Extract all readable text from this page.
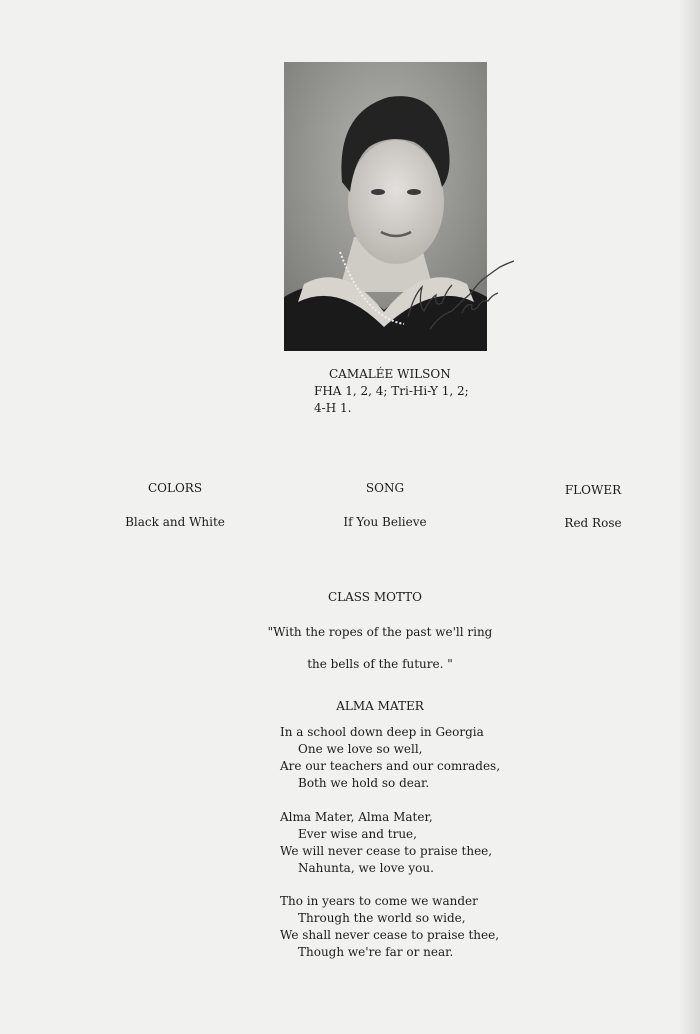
CAMALÉE WILSON
FHA 1, 2, 4; Tri-Hi-Y 1, 2;
4-H 1.
COLORS
Black and White
SONG
If You Believe
FLOWER
Red Rose
CLASS MOTTO
"With the ropes of the past we'll ring
the bells of the future. "
ALMA MATER
In a school down deep in Georgia
One we love so well,
Are our teachers and our comrades,
Both we hold so dear.
Alma Mater, Alma Mater,
Ever wise and true,
We will never cease to praise thee,
Nahunta, we love you.
Tho in years to come we wander
Through the world so wide,
We shall never cease to praise thee,
Though we're far or near.
